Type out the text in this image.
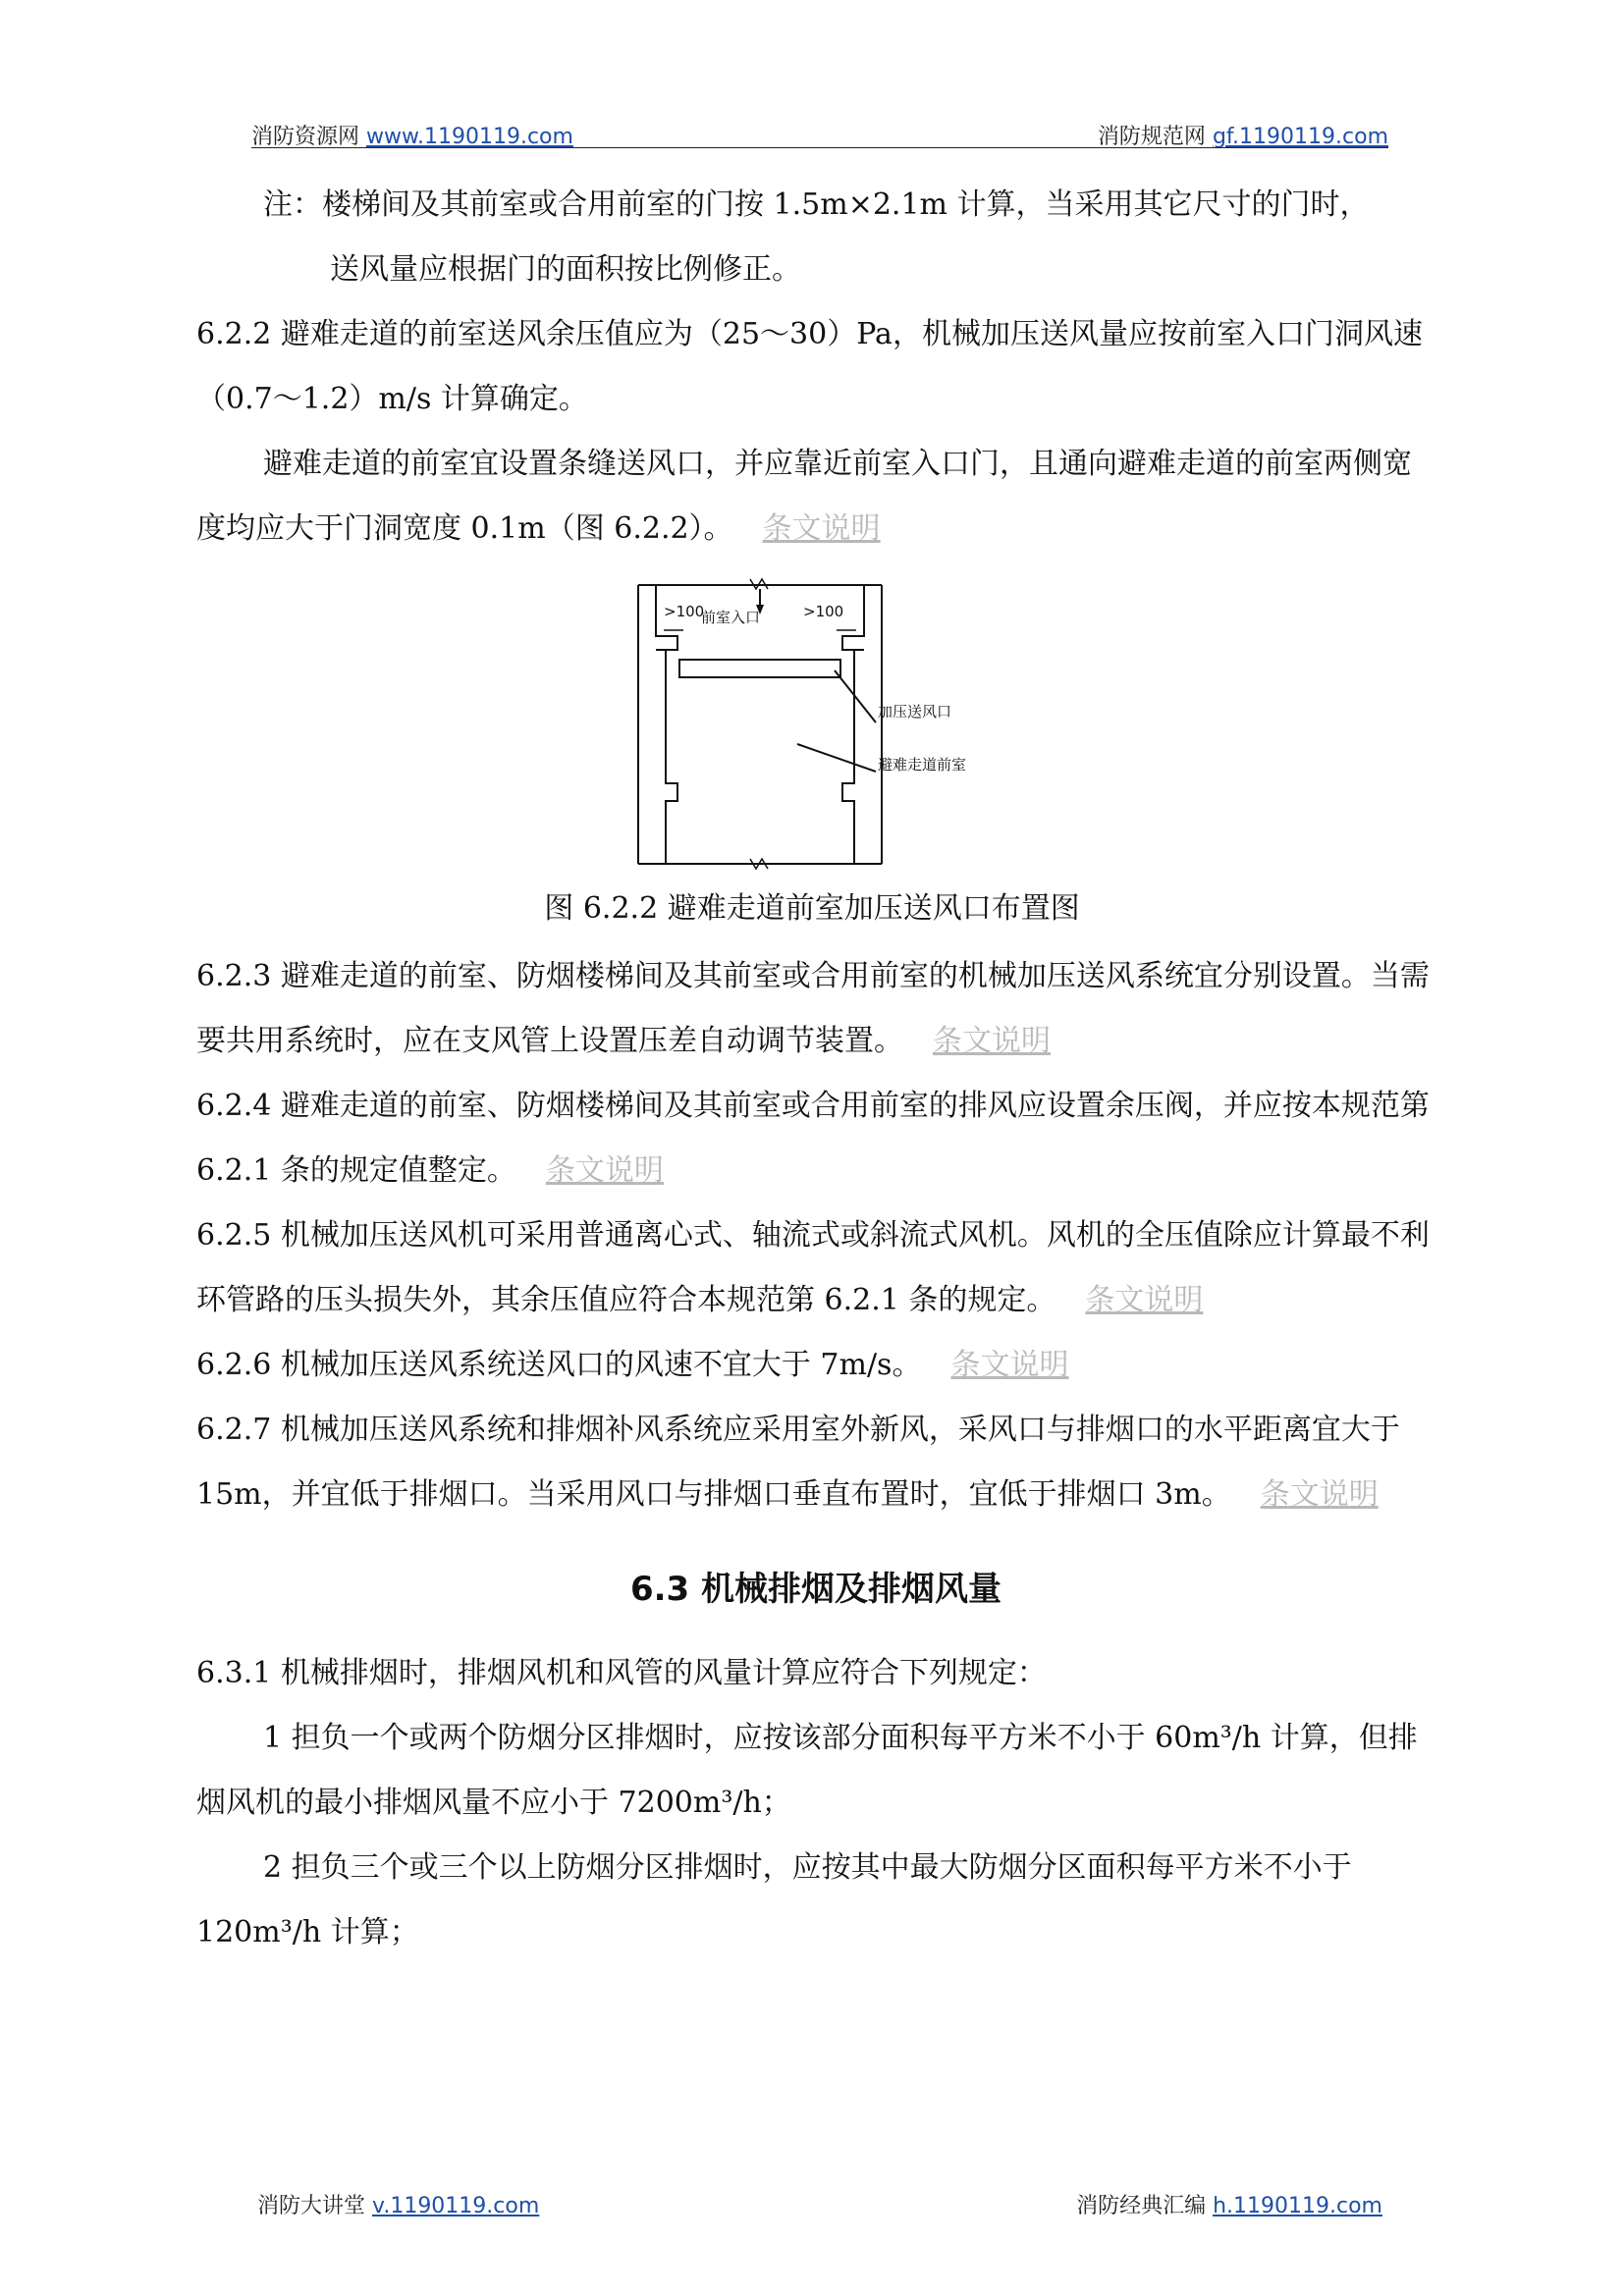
消防资源网 www.1190119.com	消防规范网 gf.1190119.com

注：楼梯间及其前室或合用前室的门按 1.5m×2.1m 计算，当采用其它尺寸的门时，

送风量应根据门的面积按比例修正。

6.2.2 避难走道的前室送风余压值应为（25～30）Pa，机械加压送风量应按前室入口门洞风速（0.7～1.2）m/s 计算确定。

避难走道的前室宜设置条缝送风口，并应靠近前室入口门，且通向避难走道的前室两侧宽度均应大于门洞宽度 0.1m（图 6.2.2）。 条文说明

>100
前室入口	>100
加压送风口
避难走道前室
图 6.2.2 避难走道前室加压送风口布置图

6.2.3 避难走道的前室、防烟楼梯间及其前室或合用前室的机械加压送风系统宜分别设置。当需要共用系统时，应在支风管上设置压差自动调节装置。 条文说明

6.2.4 避难走道的前室、防烟楼梯间及其前室或合用前室的排风应设置余压阀，并应按本规范第 6.2.1 条的规定值整定。 条文说明

6.2.5 机械加压送风机可采用普通离心式、轴流式或斜流式风机。风机的全压值除应计算最不利环管路的压头损失外，其余压值应符合本规范第 6.2.1 条的规定。 条文说明

6.2.6 机械加压送风系统送风口的风速不宜大于 7m/s。 条文说明

6.2.7 机械加压送风系统和排烟补风系统应采用室外新风，采风口与排烟口的水平距离宜大于 15m，并宜低于排烟口。当采用风口与排烟口垂直布置时，宜低于排烟口 3m。 条文说明

6.3 机械排烟及排烟风量

6.3.1 机械排烟时，排烟风机和风管的风量计算应符合下列规定：

1 担负一个或两个防烟分区排烟时，应按该部分面积每平方米不小于 60m³/h 计算，但排烟风机的最小排烟风量不应小于 7200m³/h；

2 担负三个或三个以上防烟分区排烟时，应按其中最大防烟分区面积每平方米不小于 120m³/h 计算；

消防大讲堂 v.1190119.com	消防经典汇编 h.1190119.com
